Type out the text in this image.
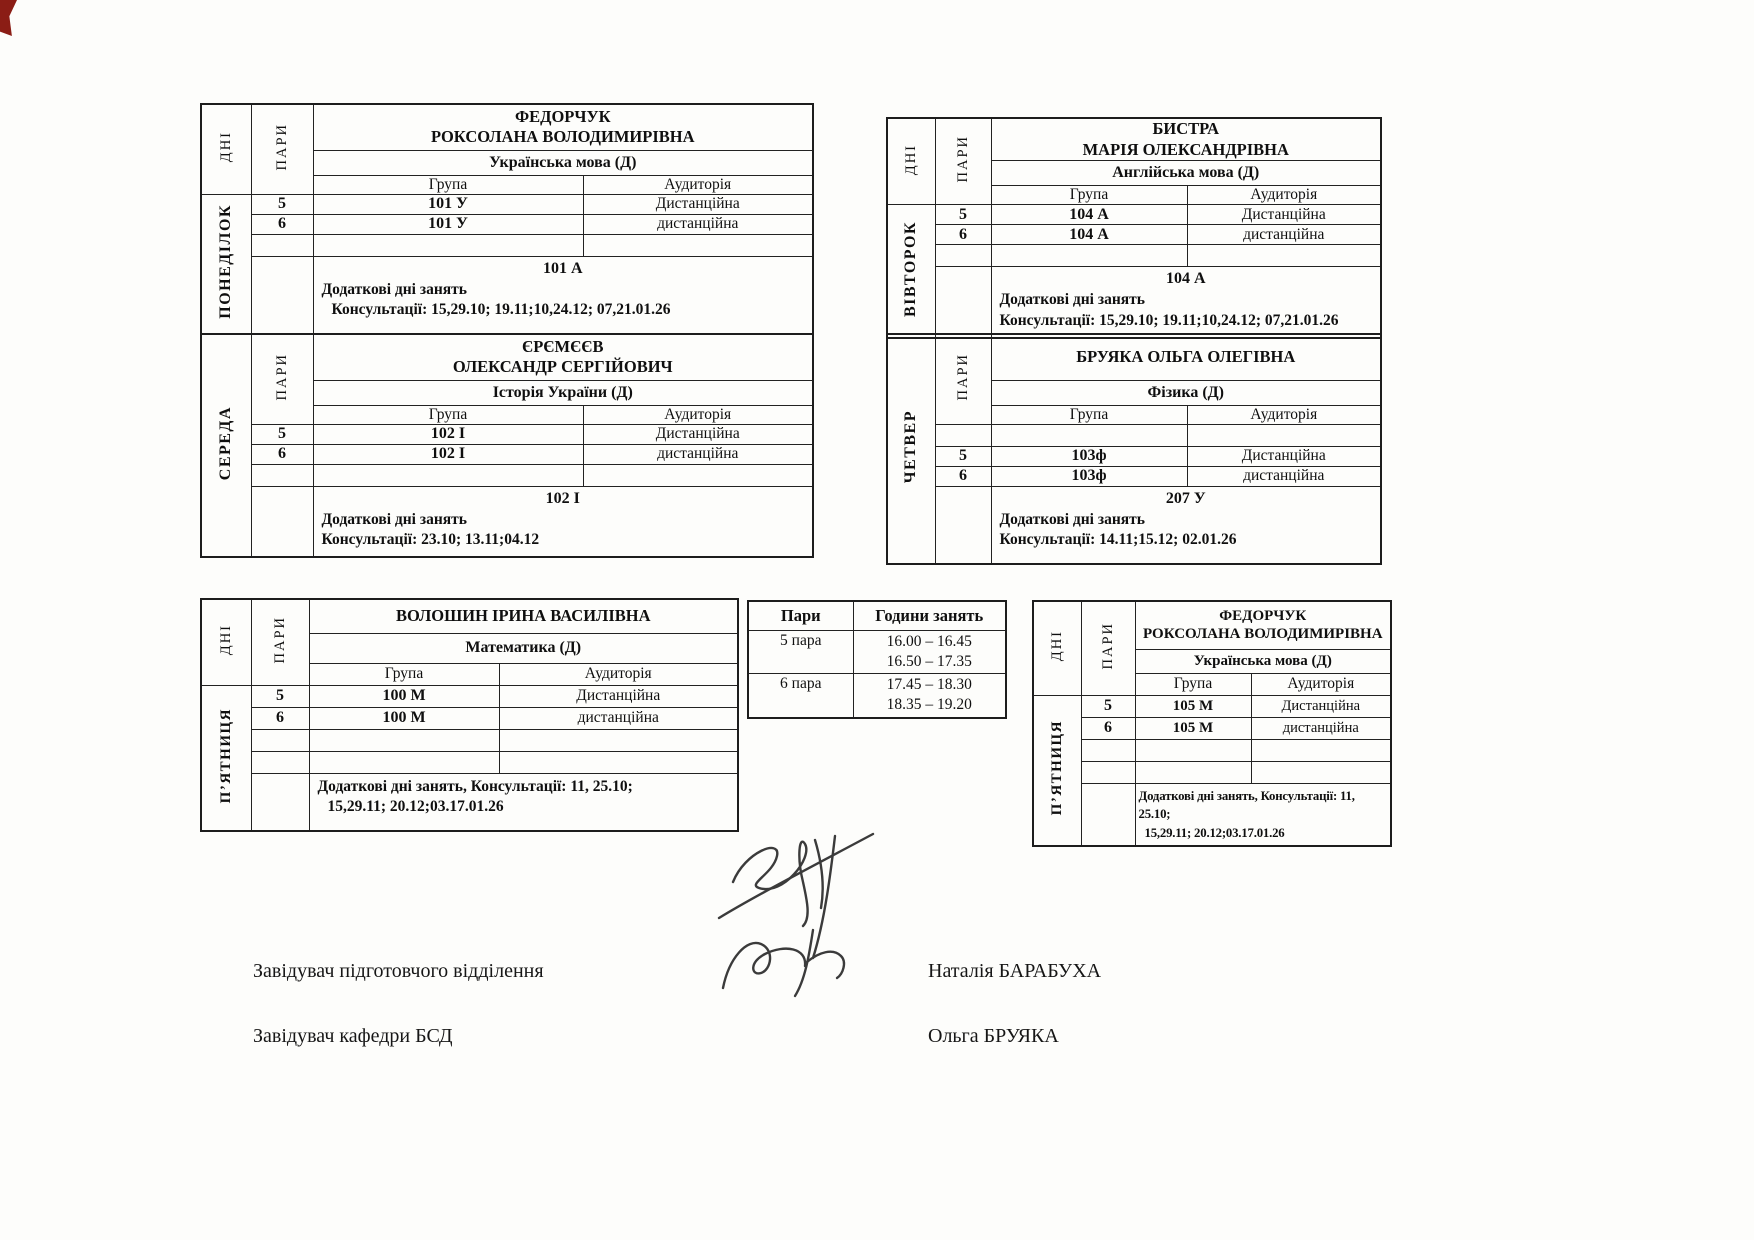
ДНІ	ПАРИ	ФЕДОРЧУК
РОКСОЛАНА ВОЛОДИМИРІВНА	

		Українська мова (Д)	
		Група	Аудиторія
ПОНЕДІЛОК	5	101 У	Дистанційна
	6	101 У	дистанційна

		101 А
Додаткові дні занять
Консультації: 15,29.10; 19.11;10,24.12; 07,21.01.26	
ДНІ	ПАРИ	БИСТРА
МАРІЯ ОЛЕКСАНДРІВНА	

		Англійська мова (Д)	
		Група	Аудиторія
ВІВТОРОК	5	104 А	Дистанційна
	6	104 А	дистанційна

		104 А
Додаткові дні занять
Консультації: 15,29.10; 19.11;10,24.12; 07,21.01.26	
СЕРЕДА	ПАРИ	ЄРЄМЄЄВ
ОЛЕКСАНДР СЕРГІЙОВИЧ	

		Історія України (Д)	
		Група	Аудиторія
	5	102 І	Дистанційна
	6	102 І	дистанційна

		102 І
Додаткові дні занять
Консультації: 23.10; 13.11;04.12	
ЧЕТВЕР	ПАРИ	БРУЯКА ОЛЬГА ОЛЕГІВНА	

		Фізика (Д)	
		Група	Аудиторія

	5	103ф	Дистанційна
	6	103ф	дистанційна

		207 У
Додаткові дні занять
Консультації: 14.11;15.12; 02.01.26	
ДНІ	ПАРИ	ВОЛОШИН ІРИНА ВАСИЛІВНА	

		Математика (Д)	
		Група	Аудиторія
П’ЯТНИЦЯ	5	100 М	Дистанційна
	6	100 М	дистанційна

		Додаткові дні занять, Консультації: 11, 25.10;
15,29.11; 20.12;03.17.01.26	
Пари	Години занять
5 пара	16.00 – 16.45
16.50 – 17.35

6 пара	17.45 – 18.30
18.35 – 19.20
ДНІ	ПАРИ	ФЕДОРЧУК
РОКСОЛАНА ВОЛОДИМИРІВНА	

		Українська мова (Д)	
		Група	Аудиторія
П’ЯТНИЦЯ	5	105 М	Дистанційна
	6	105 М	дистанційна

		Додаткові дні занять, Консультації: 11, 25.10;
15,29.11; 20.12;03.17.01.26	
Завідувач підготовчого відділення	Наталія БАРАБУХА
Завідувач кафедри БСД	Ольга БРУЯКА
